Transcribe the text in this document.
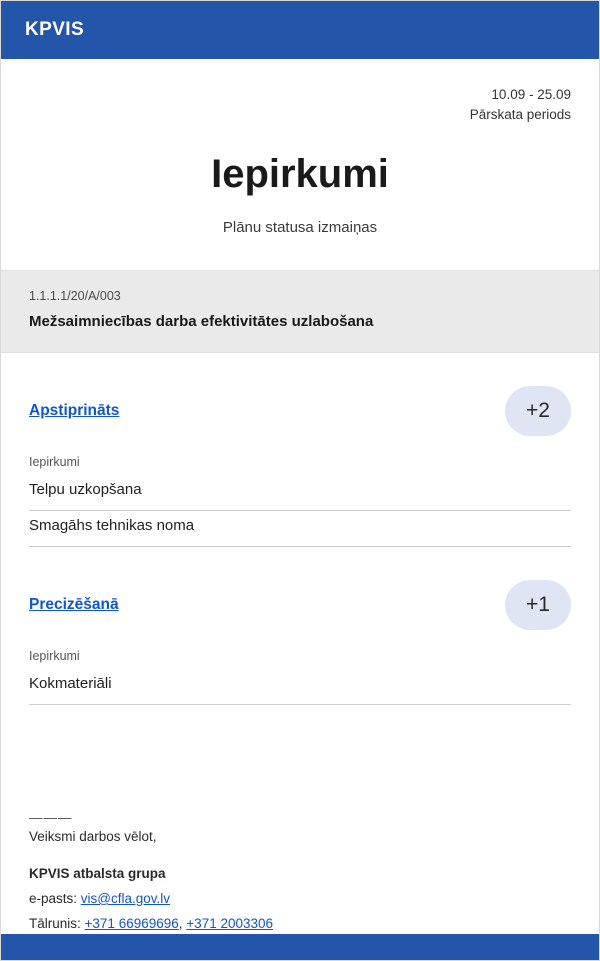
KPVIS
10.09 - 25.09
Pārskata periods
Iepirkumi

Plānu statusa izmaiņas

1.1.1.1/20/A/003
Mežsaimniecības darba efektivitātes uzlabošana
Apstiprināts	+2
Iepirkumi
Telpu uzkopšana
Smagāhs tehnikas noma
Precizēšanā	+1
Iepirkumi
Kokmateriāli
———
Veiksmi darbos vēlot,
KPVIS atbalsta grupa
e-pasts: vis@cfla.gov.lv
Tālrunis: +371 66969696, +371 2003306
